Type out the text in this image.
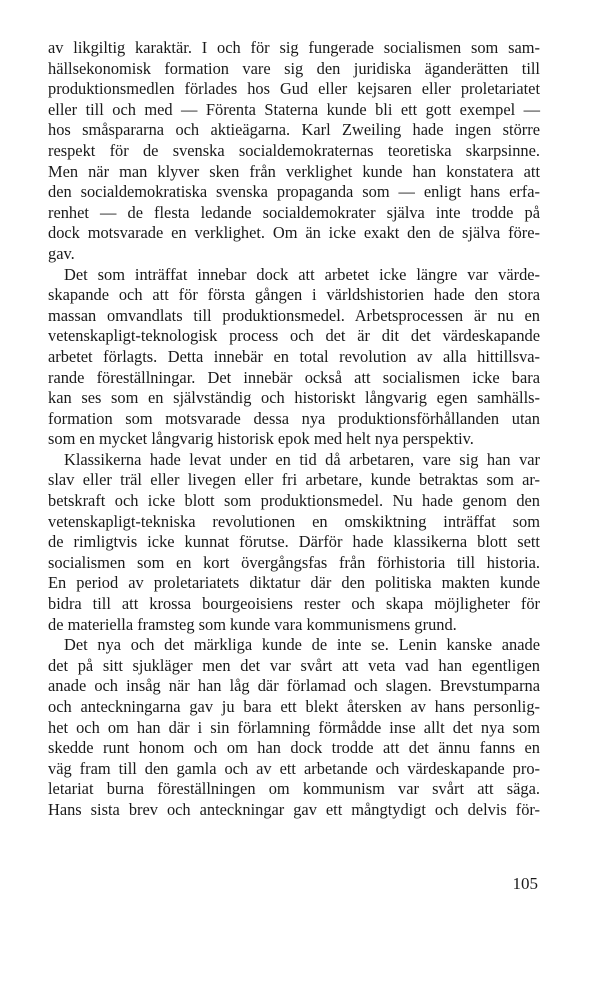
av likgiltig karaktär. I och för sig fungerade socialismen som sam-
hällsekonomisk formation vare sig den juridiska äganderätten till
produktionsmedlen förlades hos Gud eller kejsaren eller proletariatet
eller till och med — Förenta Staterna kunde bli ett gott exempel —
hos småspararna och aktieägarna. Karl Zweiling hade ingen större
respekt för de svenska socialdemokraternas teoretiska skarpsinne.
Men när man klyver sken från verklighet kunde han konstatera att
den socialdemokratiska svenska propaganda som — enligt hans erfa-
renhet — de flesta ledande socialdemokrater själva inte trodde på
dock motsvarade en verklighet. Om än icke exakt den de själva före-
gav.
Det som inträffat innebar dock att arbetet icke längre var värde-
skapande och att för första gången i världshistorien hade den stora
massan omvandlats till produktionsmedel. Arbetsprocessen är nu en
vetenskapligt-teknologisk process och det är dit det värdeskapande
arbetet förlagts. Detta innebär en total revolution av alla hittillsva-
rande föreställningar. Det innebär också att socialismen icke bara
kan ses som en självständig och historiskt långvarig egen samhälls-
formation som motsvarade dessa nya produktionsförhållanden utan
som en mycket långvarig historisk epok med helt nya perspektiv.
Klassikerna hade levat under en tid då arbetaren, vare sig han var
slav eller träl eller livegen eller fri arbetare, kunde betraktas som ar-
betskraft och icke blott som produktionsmedel. Nu hade genom den
vetenskapligt-tekniska revolutionen en omskiktning inträffat som
de rimligtvis icke kunnat förutse. Därför hade klassikerna blott sett
socialismen som en kort övergångsfas från förhistoria till historia.
En period av proletariatets diktatur där den politiska makten kunde
bidra till att krossa bourgeoisiens rester och skapa möjligheter för
de materiella framsteg som kunde vara kommunismens grund.
Det nya och det märkliga kunde de inte se. Lenin kanske anade
det på sitt sjukläger men det var svårt att veta vad han egentligen
anade och insåg när han låg där förlamad och slagen. Brevstumparna
och anteckningarna gav ju bara ett blekt återsken av hans personlig-
het och om han där i sin förlamning förmådde inse allt det nya som
skedde runt honom och om han dock trodde att det ännu fanns en
väg fram till den gamla och av ett arbetande och värdeskapande pro-
letariat burna föreställningen om kommunism var svårt att säga.
Hans sista brev och anteckningar gav ett mångtydigt och delvis för-
105
